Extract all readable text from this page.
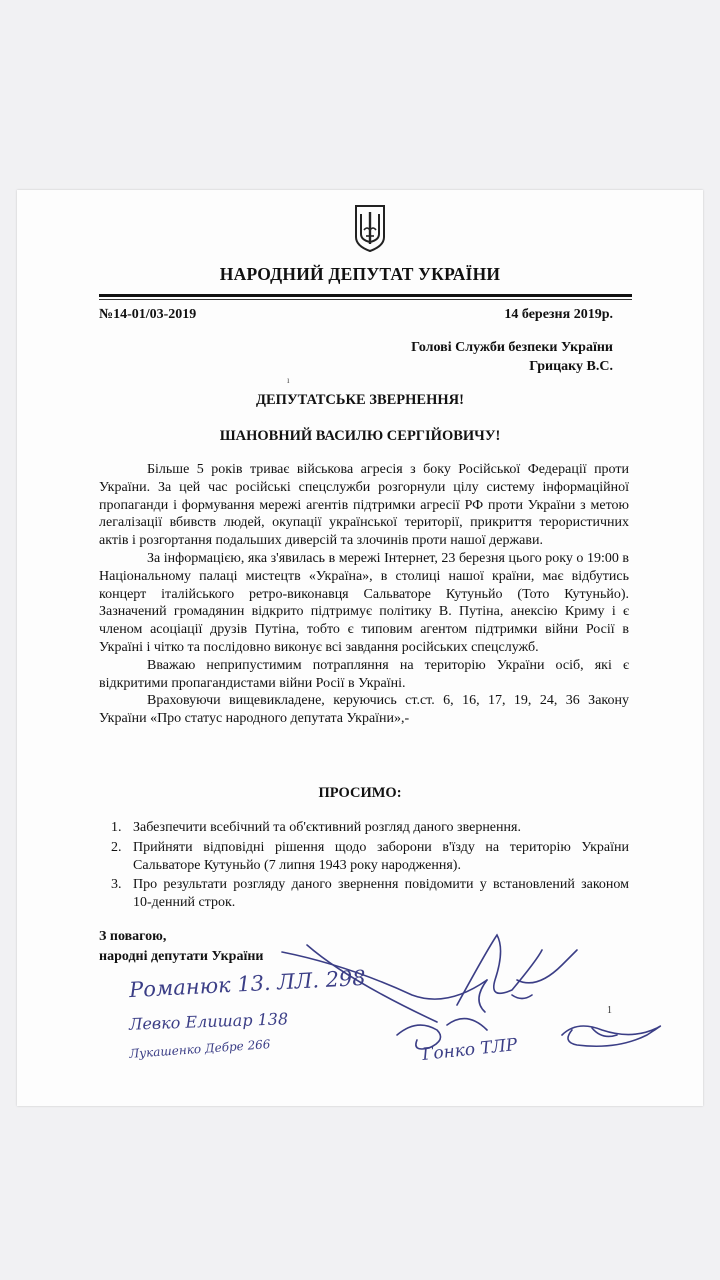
НАРОДНИЙ ДЕПУТАТ УКРАЇНИ
№14-01/03-2019	14 березня 2019р.
Голові Служби безпеки України
Грицаку В.С.
ı
ДЕПУТАТСЬКЕ ЗВЕРНЕННЯ!
ШАНОВНИЙ ВАСИЛЮ СЕРГІЙОВИЧУ!

Більше 5 років триває військова агресія з боку Російської Федерації проти України. За цей час російські спецслужби розгорнули цілу систему інформаційної пропаганди і формування мережі агентів підтримки агресії РФ проти України з метою легалізації вбивств людей, окупації української території, прикриття терористичних актів і розгортання подальших диверсій та злочинів проти нашої держави.

За інформацією, яка з'явилась в мережі Інтернет, 23 березня цього року о 19:00 в Національному палаці мистецтв «Україна», в столиці нашої країни, має відбутись концерт італійського ретро-виконавця Сальваторе Кутуньйо (Тото Кутуньйо). Зазначений громадянин відкрито підтримує політику В. Путіна, анексію Криму і є членом асоціації друзів Путіна, тобто є типовим агентом підтримки війни Росії в Україні і чітко та послідовно виконує всі завдання російських спецслужб.

Вважаю неприпустимим потрапляння на територію України осіб, які є відкритими пропагандистами війни Росії в Україні.

Враховуючи вищевикладене, керуючись ст.ст. 6, 16, 17, 19, 24, 36 Закону України «Про статус народного депутата України»,-

ПРОСИМО:
1. Забезпечити всебічний та об'єктивний розгляд даного звернення.
2. Прийняти відповідні рішення щодо заборони в'їзду на територію України Сальваторе Кутуньйо (7 липня 1943 року народження).
3. Про результати розгляду даного звернення повідомити у встановлений законом 10-денний строк.
З повагою,
народні депутати України
Романюк 13. ЛЛ. 298
Левко Елишар 138
Лукашенко Дебре 266	Гонко ТЛР
1
